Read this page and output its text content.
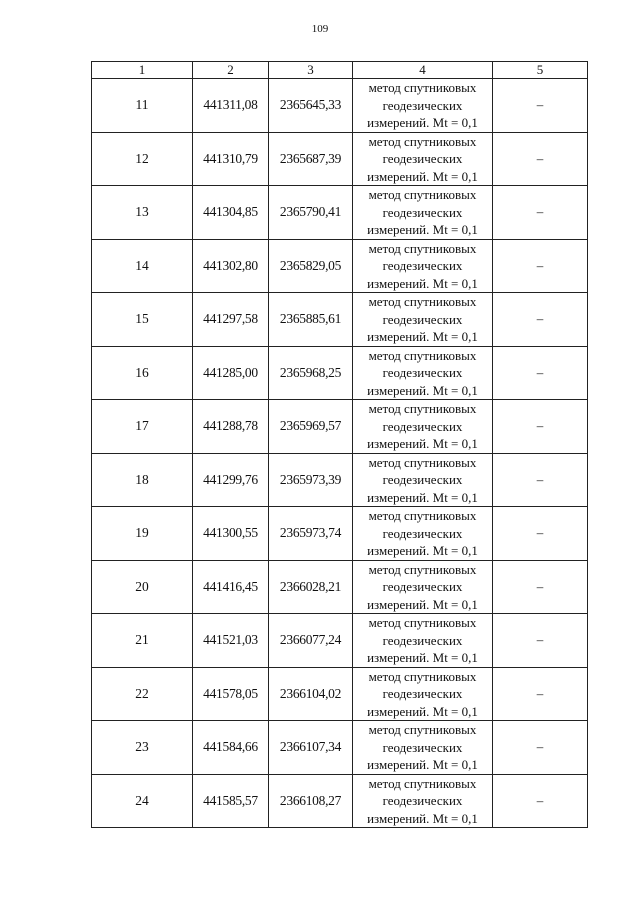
109
1	2	3	4	5
11	441311,08	2365645,33	метод спутниковых
геодезических
измерений. Mt = 0,1	–
12	441310,79	2365687,39	метод спутниковых
геодезических
измерений. Mt = 0,1	–
13	441304,85	2365790,41	метод спутниковых
геодезических
измерений. Mt = 0,1	–
14	441302,80	2365829,05	метод спутниковых
геодезических
измерений. Mt = 0,1	–
15	441297,58	2365885,61	метод спутниковых
геодезических
измерений. Mt = 0,1	–
16	441285,00	2365968,25	метод спутниковых
геодезических
измерений. Mt = 0,1	–
17	441288,78	2365969,57	метод спутниковых
геодезических
измерений. Mt = 0,1	–
18	441299,76	2365973,39	метод спутниковых
геодезических
измерений. Mt = 0,1	–
19	441300,55	2365973,74	метод спутниковых
геодезических
измерений. Mt = 0,1	–
20	441416,45	2366028,21	метод спутниковых
геодезических
измерений. Mt = 0,1	–
21	441521,03	2366077,24	метод спутниковых
геодезических
измерений. Mt = 0,1	–
22	441578,05	2366104,02	метод спутниковых
геодезических
измерений. Mt = 0,1	–
23	441584,66	2366107,34	метод спутниковых
геодезических
измерений. Mt = 0,1	–
24	441585,57	2366108,27	метод спутниковых
геодезических
измерений. Mt = 0,1	–
